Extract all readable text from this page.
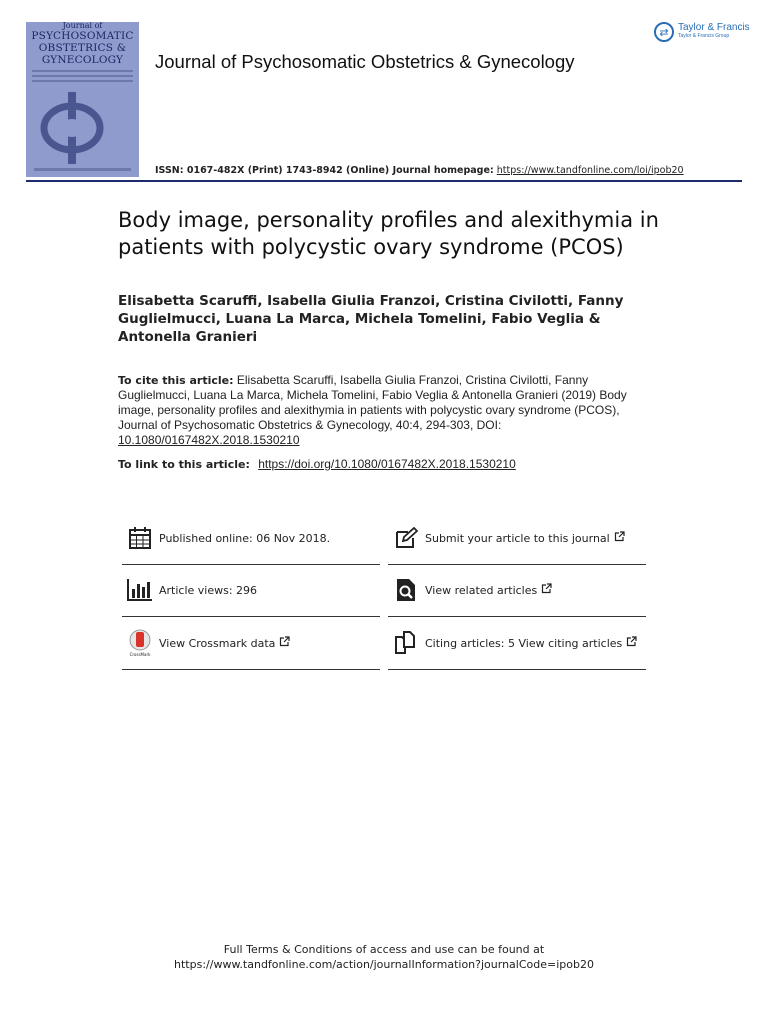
Journal of
PSYCHOSOMATIC
OBSTETRICS &
GYNECOLOGY	Journal of Psychosomatic Obstetrics & Gynecology
⇄ Taylor & Francis
Taylor & Francis Group
ISSN: 0167-482X (Print) 1743-8942 (Online) Journal homepage: https://www.tandfonline.com/loi/ipob20
Body image, personality profiles and alexithymia in patients with polycystic ovary syndrome (PCOS)
Elisabetta Scaruffi, Isabella Giulia Franzoi, Cristina Civilotti, Fanny Guglielmucci, Luana La Marca, Michela Tomelini, Fabio Veglia & Antonella Granieri
To cite this article: Elisabetta Scaruffi, Isabella Giulia Franzoi, Cristina Civilotti, Fanny Guglielmucci, Luana La Marca, Michela Tomelini, Fabio Veglia & Antonella Granieri (2019) Body image, personality profiles and alexithymia in patients with polycystic ovary syndrome (PCOS), Journal of Psychosomatic Obstetrics & Gynecology, 40:4, 294-303, DOI: 10.1080/0167482X.2018.1530210
To link to this article: https://doi.org/10.1080/0167482X.2018.1530210
Published online: 06 Nov 2018.	Submit your article to this journal
Article views: 296	View related articles
CrossMark
View Crossmark data	Citing articles: 5 View citing articles
Full Terms & Conditions of access and use can be found at
https://www.tandfonline.com/action/journalInformation?journalCode=ipob20
